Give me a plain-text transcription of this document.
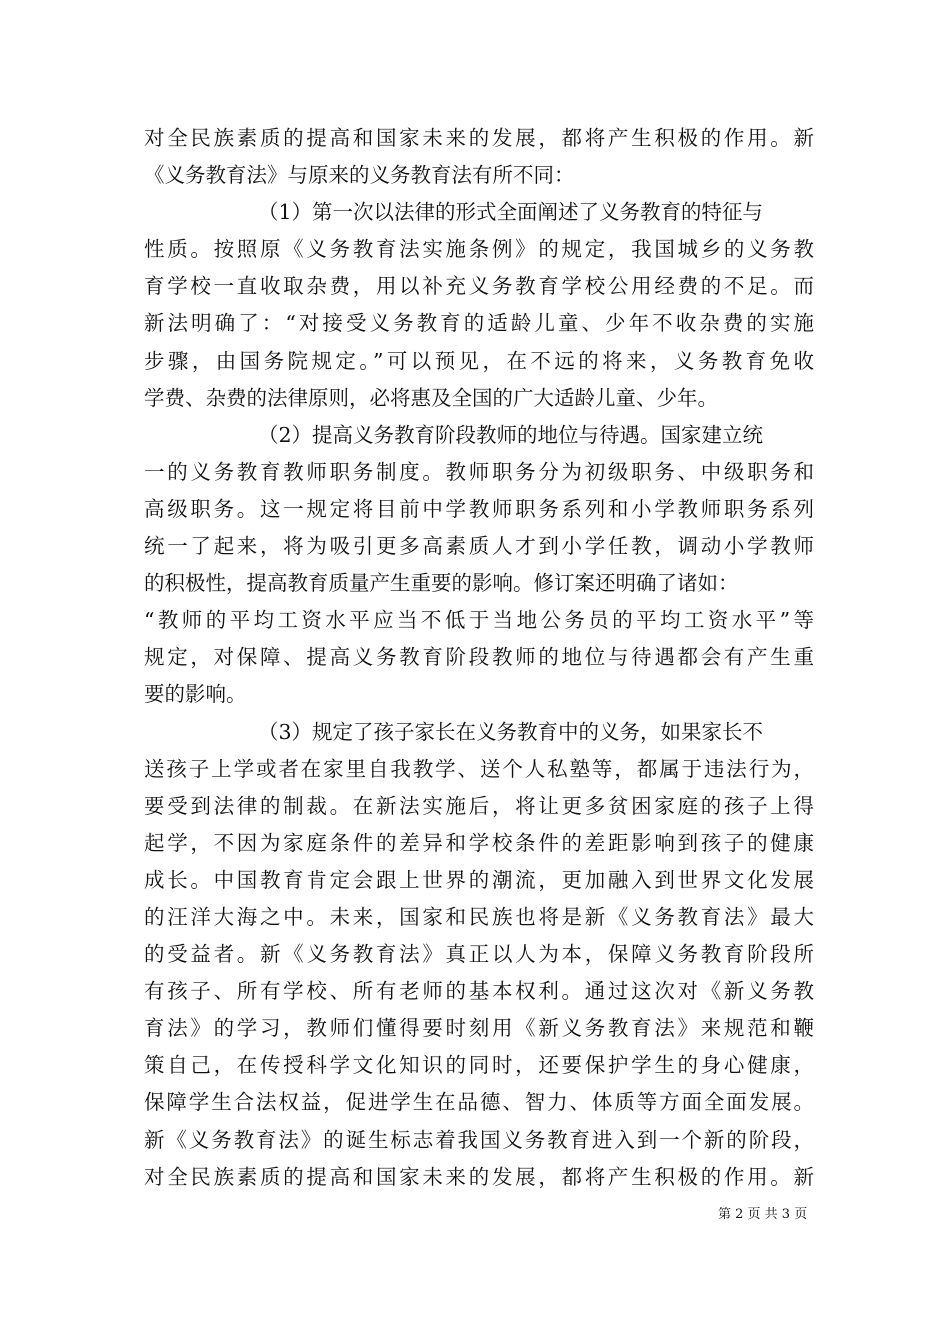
对全民族素质的提高和国家未来的发展，都将产生积极的作用。新
《义务教育法》与原来的义务教育法有所不同：
（1）第一次以法律的形式全面阐述了义务教育的特征与
性质。按照原《义务教育法实施条例》的规定，我国城乡的义务教
育学校一直收取杂费，用以补充义务教育学校公用经费的不足。而
新法明确了：“对接受义务教育的适龄儿童、少年不收杂费的实施
步骤，由国务院规定。”可以预见，在不远的将来，义务教育免收
学费、杂费的法律原则，必将惠及全国的广大适龄儿童、少年。
（2）提高义务教育阶段教师的地位与待遇。国家建立统
一的义务教育教师职务制度。教师职务分为初级职务、中级职务和
高级职务。这一规定将目前中学教师职务系列和小学教师职务系列
统一了起来，将为吸引更多高素质人才到小学任教，调动小学教师
的积极性，提高教育质量产生重要的影响。修订案还明确了诸如：
“教师的平均工资水平应当不低于当地公务员的平均工资水平”等
规定，对保障、提高义务教育阶段教师的地位与待遇都会有产生重
要的影响。
（3）规定了孩子家长在义务教育中的义务，如果家长不
送孩子上学或者在家里自我教学、送个人私塾等，都属于违法行为，
要受到法律的制裁。在新法实施后，将让更多贫困家庭的孩子上得
起学，不因为家庭条件的差异和学校条件的差距影响到孩子的健康
成长。中国教育肯定会跟上世界的潮流，更加融入到世界文化发展
的汪洋大海之中。未来，国家和民族也将是新《义务教育法》最大
的受益者。新《义务教育法》真正以人为本，保障义务教育阶段所
有孩子、所有学校、所有老师的基本权利。通过这次对《新义务教
育法》的学习，教师们懂得要时刻用《新义务教育法》来规范和鞭
策自己，在传授科学文化知识的同时，还要保护学生的身心健康，
保障学生合法权益，促进学生在品德、智力、体质等方面全面发展。
新《义务教育法》的诞生标志着我国义务教育进入到一个新的阶段，
对全民族素质的提高和国家未来的发展，都将产生积极的作用。新
第 2 页 共 3 页
